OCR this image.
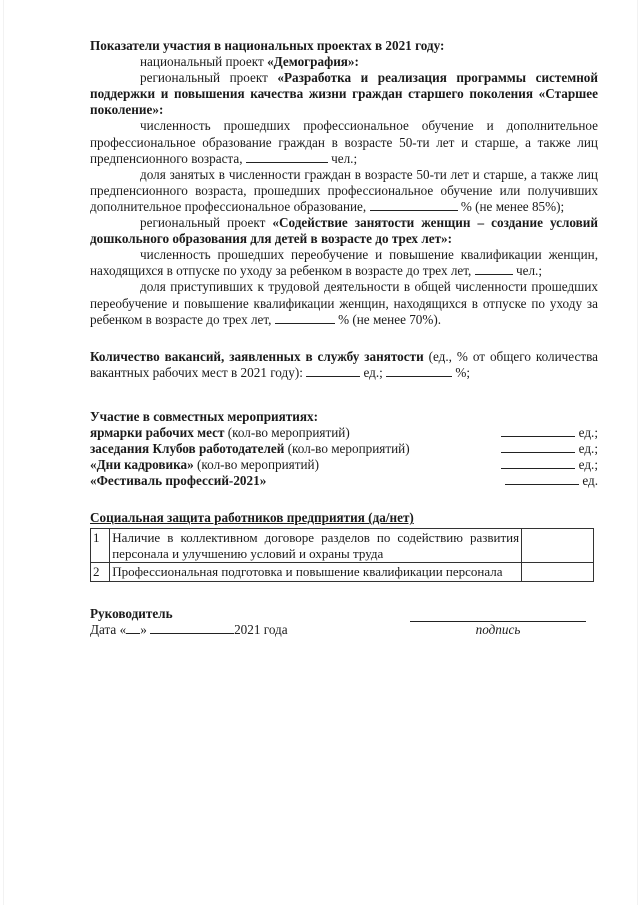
Показатели участия в национальных проектах в 2021 году:

национальный проект «Демография»:

региональный проект «Разработка и реализация программы системной поддержки и повышения качества жизни граждан старшего поколения «Старшее поколение»:

численность прошедших профессиональное обучение и дополнительное профессиональное образование граждан в возрасте 50-ти лет и старше, а также лиц предпенсионного возраста,	чел.;

доля занятых в численности граждан в возрасте 50-ти лет и старше, а также лиц предпенсионного возраста, прошедших профессиональное обучение или получивших дополнительное профессиональное образование,	% (не менее 85%);

региональный проект «Содействие занятости женщин – создание условий дошкольного образования для детей в возрасте до трех лет»:

численность прошедших переобучение и повышение квалификации женщин, находящихся в отпуске по уходу за ребенком в возрасте до трех лет,	чел.;

доля приступивших к трудовой деятельности в общей численности прошедших переобучение и повышение квалификации женщин, находящихся в отпуске по уходу за ребенком в возрасте до трех лет,	% (не менее 70%).

Количество вакансий, заявленных в службу занятости (ед., % от общего количества вакантных рабочих мест в 2021 году):	ед.;	%;

Участие в совместных мероприятиях:

ярмарки рабочих мест (кол-во мероприятий)	ед.;
заседания Клубов работодателей (кол-во мероприятий)	ед.;
«Дни кадровика» (кол-во мероприятий)	ед.;
«Фестиваль профессий-2021»	ед.

Социальная защита работников предприятия (да/нет)

1	Наличие в коллективном договоре разделов по содействию развития персонала и улучшению условий и охраны труда	
2	Профессиональная подготовка и повышение квалификации персонала	
Руководитель
Дата « »	2021 года	подпись
